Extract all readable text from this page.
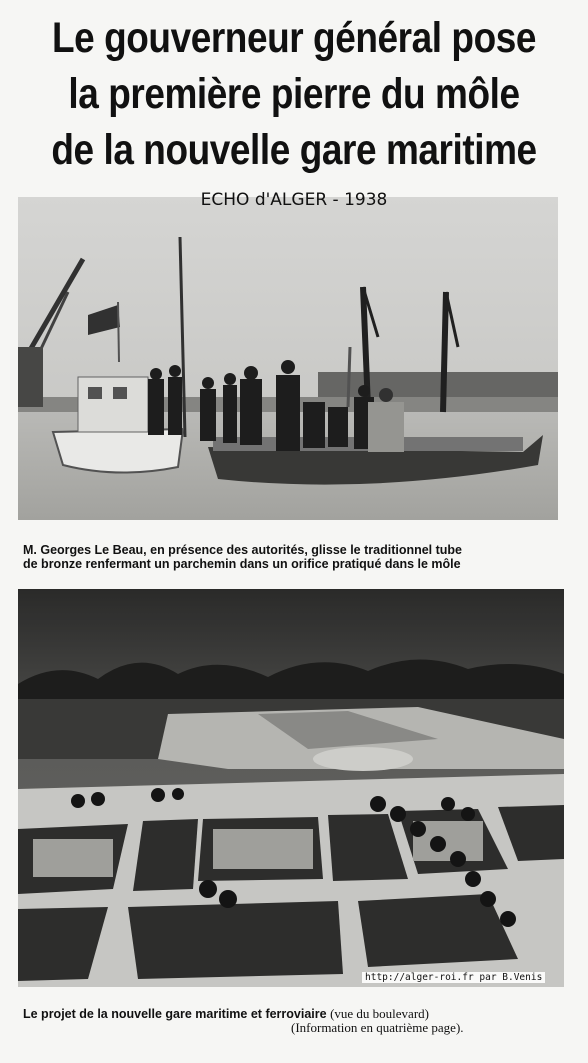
Le gouverneur général pose
la première pierre du môle
de la nouvelle gare maritime
ECHO d'ALGER - 1938
M. Georges Le Beau, en présence des autorités, glisse le traditionnel tube
de bronze renfermant un parchemin dans un orifice pratiqué dans le môle
http://alger-roi.fr par B.Venis
Le projet de la nouvelle gare maritime et ferroviaire (vue du boulevard)
(Information en quatrième page).
